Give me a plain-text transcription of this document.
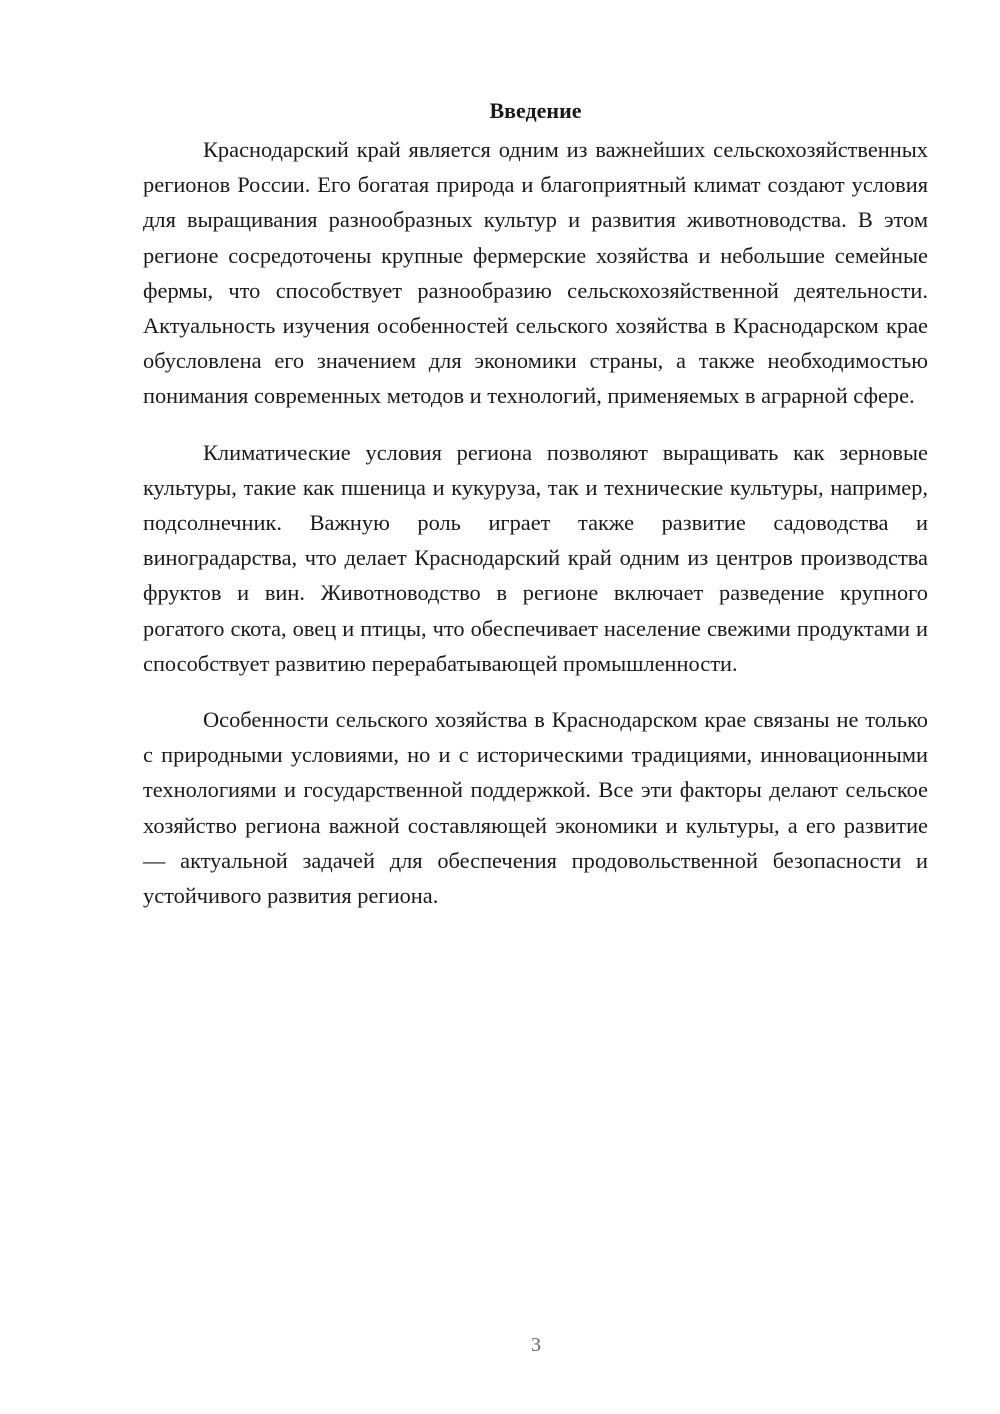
Введение

Краснодарский край является одним из важнейших сельскохозяйственных регионов России. Его богатая природа и благоприятный климат создают условия для выращивания разнообразных культур и развития животноводства. В этом регионе сосредоточены крупные фермерские хозяйства и небольшие семейные фермы, что способствует разнообразию сельскохозяйственной деятельности. Актуальность изучения особенностей сельского хозяйства в Краснодарском крае обусловлена его значением для экономики страны, а также необходимостью понимания современных методов и технологий, применяемых в аграрной сфере.

Климатические условия региона позволяют выращивать как зерновые культуры, такие как пшеница и кукуруза, так и технические культуры, например, подсолнечник. Важную роль играет также развитие садоводства и виноградарства, что делает Краснодарский край одним из центров производства фруктов и вин. Животноводство в регионе включает разведение крупного рогатого скота, овец и птицы, что обеспечивает население свежими продуктами и способствует развитию перерабатывающей промышленности.

Особенности сельского хозяйства в Краснодарском крае связаны не только с природными условиями, но и с историческими традициями, инновационными технологиями и государственной поддержкой. Все эти факторы делают сельское хозяйство региона важной составляющей экономики и культуры, а его развитие — актуальной задачей для обеспечения продовольственной безопасности и устойчивого развития региона.

3
